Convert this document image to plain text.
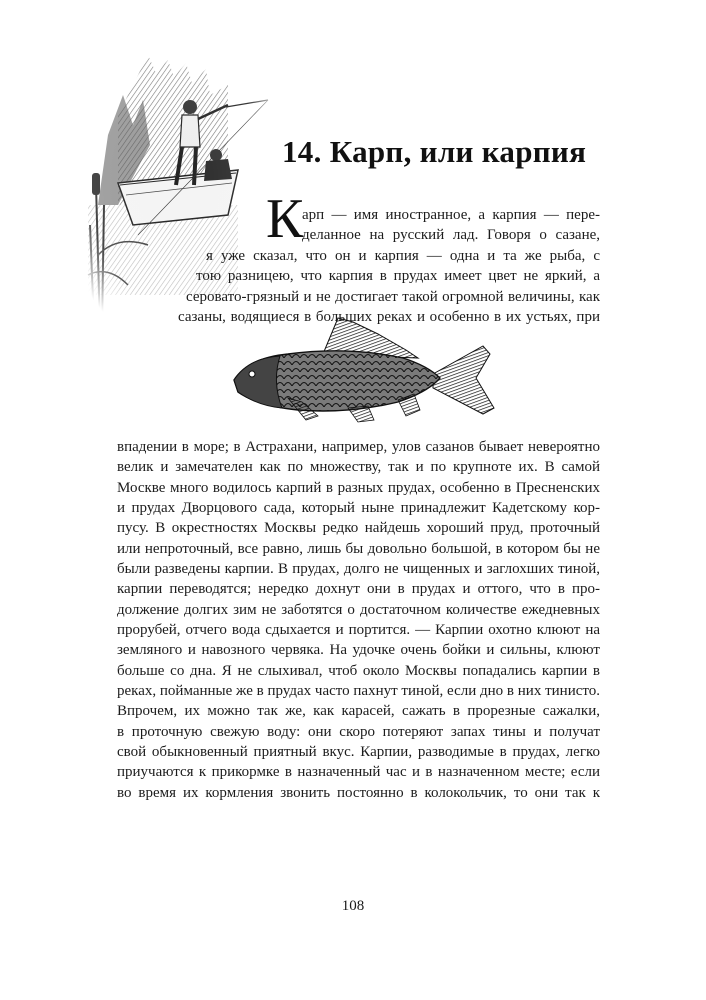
14. Карп, или карпия
К

арп — имя иностранное, а карпия — пере-
деланное на русский лад. Говоря о сазане,
я уже сказал, что он и карпия — одна и та же рыба, с
тою разницею, что карпия в прудах имеет цвет не яркий, а
серовато-грязный и не достигает такой огромной величины, как
сазаны, водящиеся в больших реках и особенно в их устьях, при

впадении в море; в Астрахани, например, улов сазанов бывает невероятно
велик и замечателен как по множеству, так и по крупноте их. В самой
Москве много водилось карпий в разных прудах, особенно в Пресненских
и прудах Дворцового сада, который ныне принадлежит Кадетскому кор-
пусу. В окрестностях Москвы редко найдешь хороший пруд, проточный
или непроточный, все равно, лишь бы довольно большой, в котором бы не
были разведены карпии. В прудах, долго не чищенных и заглохших тиной,
карпии переводятся; нередко дохнут они в прудах и оттого, что в про-
должение долгих зим не заботятся о достаточном количестве ежедневных
прорубей, отчего вода сдыхается и портится. — Карпии охотно клюют на
земляного и навозного червяка. На удочке очень бойки и сильны, клюют
больше со дна. Я не слыхивал, чтоб около Москвы попадались карпии в
реках, пойманные же в прудах часто пахнут тиной, если дно в них тинисто.
Впрочем, их можно так же, как карасей, сажать в прорезные сажалки,
в проточную свежую воду: они скоро потеряют запах тины и получат
свой обыкновенный приятный вкус. Карпии, разводимые в прудах, легко
приучаются к прикормке в назначенный час и в назначенном месте; если
во время их кормления звонить постоянно в колокольчик, то они так к

108
